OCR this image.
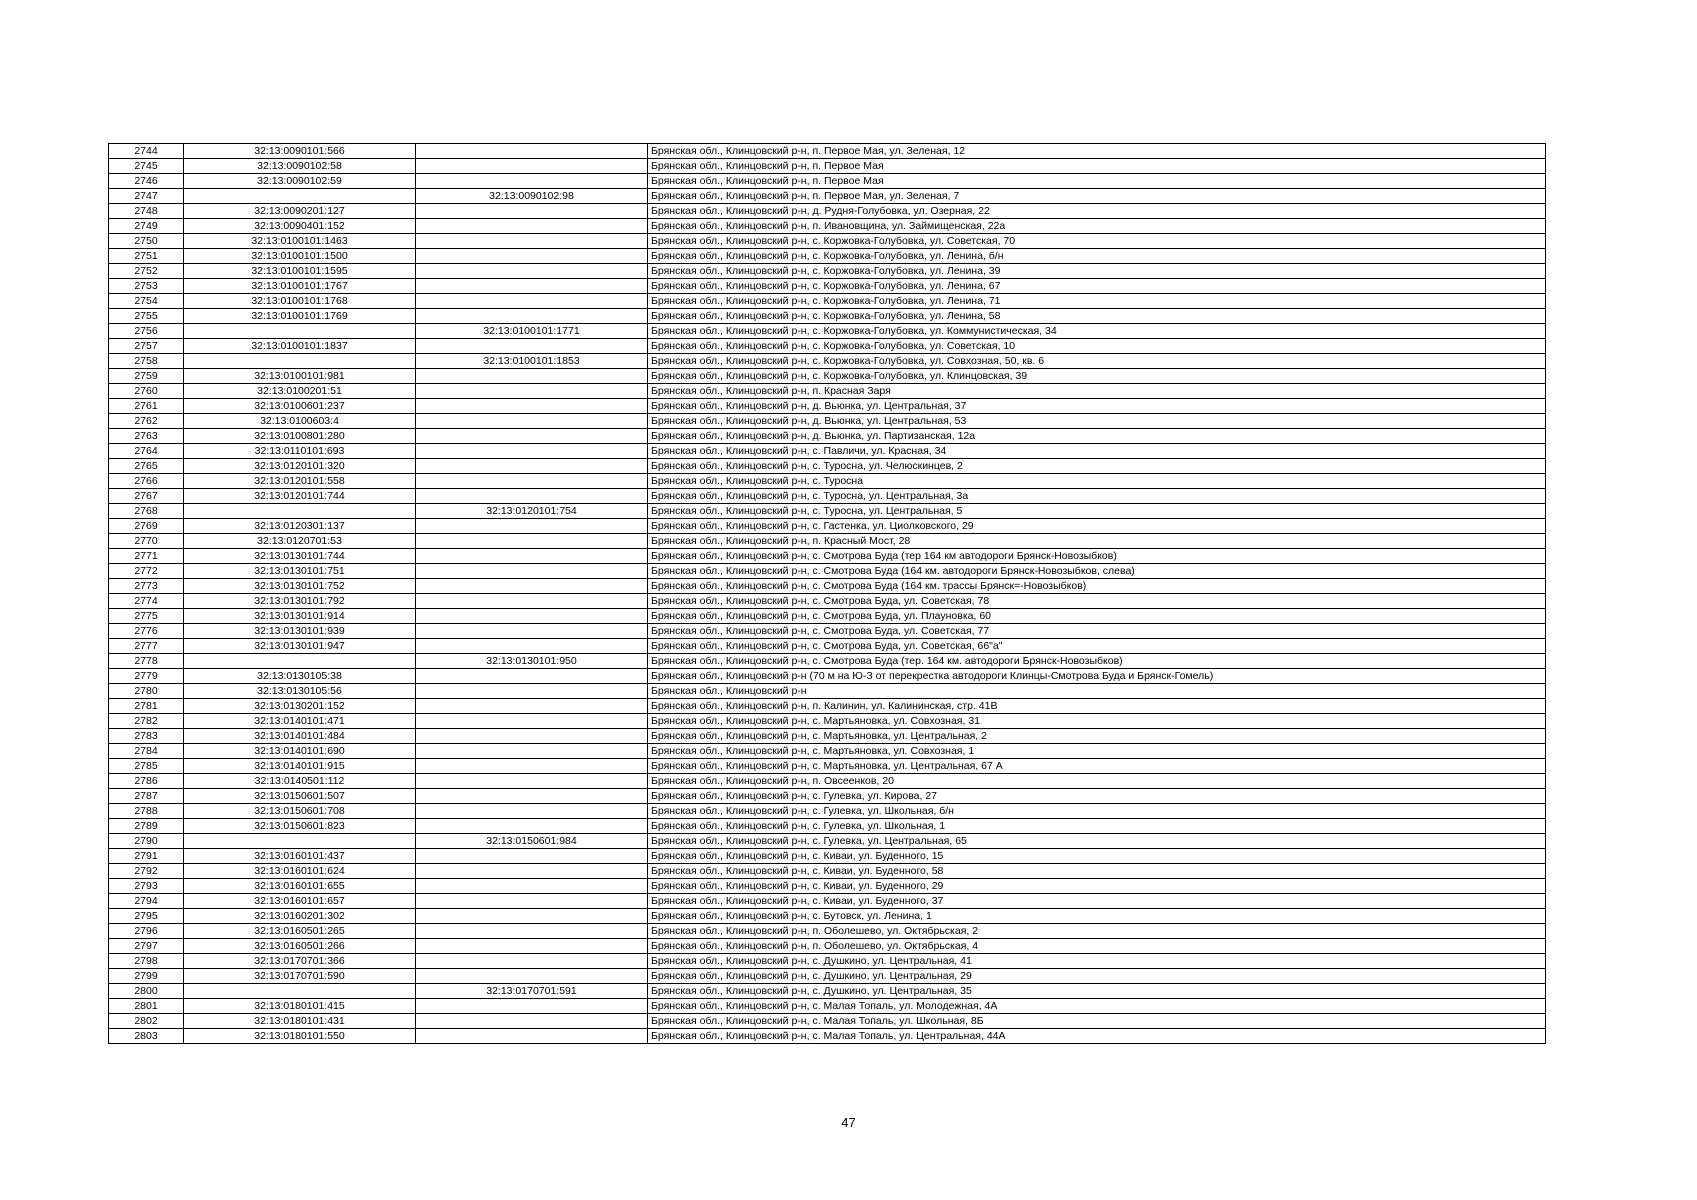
2744	32:13:0090101:566		Брянская обл., Клинцовский р-н, п. Первое Мая, ул. Зеленая, 12
2745	32:13:0090102:58		Брянская обл., Клинцовский р-н, п. Первое Мая
2746	32:13:0090102:59		Брянская обл., Клинцовский р-н, п. Первое Мая
2747		32:13:0090102:98	Брянская обл., Клинцовский р-н, п. Первое Мая, ул. Зеленая, 7
2748	32:13:0090201:127		Брянская обл., Клинцовский р-н, д. Рудня-Голубовка, ул. Озерная, 22
2749	32:13:0090401:152		Брянская обл., Клинцовский р-н, п. Ивановщина, ул. Займищенская, 22а
2750	32:13:0100101:1463		Брянская обл., Клинцовский р-н, с. Коржовка-Голубовка, ул. Советская, 70
2751	32:13:0100101:1500		Брянская обл., Клинцовский р-н, с. Коржовка-Голубовка, ул. Ленина, б/н
2752	32:13:0100101:1595		Брянская обл., Клинцовский р-н, с. Коржовка-Голубовка, ул. Ленина, 39
2753	32:13:0100101:1767		Брянская обл., Клинцовский р-н, с. Коржовка-Голубовка, ул. Ленина, 67
2754	32:13:0100101:1768		Брянская обл., Клинцовский р-н, с. Коржовка-Голубовка, ул. Ленина, 71
2755	32:13:0100101:1769		Брянская обл., Клинцовский р-н, с. Коржовка-Голубовка, ул. Ленина, 58
2756		32:13:0100101:1771	Брянская обл., Клинцовский р-н, с. Коржовка-Голубовка, ул. Коммунистическая, 34
2757	32:13:0100101:1837		Брянская обл., Клинцовский р-н, с. Коржовка-Голубовка, ул. Советская, 10
2758		32:13:0100101:1853	Брянская обл., Клинцовский р-н, с. Коржовка-Голубовка, ул. Совхозная, 50, кв. 6
2759	32:13:0100101:981		Брянская обл., Клинцовский р-н, с. Коржовка-Голубовка, ул. Клинцовская, 39
2760	32:13:0100201:51		Брянская обл., Клинцовский р-н, п. Красная Заря
2761	32:13:0100601:237		Брянская обл., Клинцовский р-н, д. Вьюнка, ул. Центральная, 37
2762	32:13:0100603:4		Брянская обл., Клинцовский р-н, д. Вьюнка, ул. Центральная, 53
2763	32:13:0100801:280		Брянская обл., Клинцовский р-н, д. Вьюнка, ул. Партизанская, 12а
2764	32:13:0110101:693		Брянская обл., Клинцовский р-н, с. Павличи, ул. Красная, 34
2765	32:13:0120101:320		Брянская обл., Клинцовский р-н, с. Туросна, ул. Челюскинцев, 2
2766	32:13:0120101:558		Брянская обл., Клинцовский р-н, с. Туросна
2767	32:13:0120101:744		Брянская обл., Клинцовский р-н, с. Туросна, ул. Центральная, 3а
2768		32:13:0120101:754	Брянская обл., Клинцовский р-н, с. Туросна, ул. Центральная, 5
2769	32:13:0120301:137		Брянская обл., Клинцовский р-н, с. Гастенка, ул. Циолковского, 29
2770	32:13:0120701:53		Брянская обл., Клинцовский р-н, п. Красный Мост, 28
2771	32:13:0130101:744		Брянская обл., Клинцовский р-н, с. Смотрова Буда (тер 164 км автодороги Брянск-Новозыбков)
2772	32:13:0130101:751		Брянская обл., Клинцовский р-н, с. Смотрова Буда (164 км. автодороги Брянск-Новозыбков, слева)
2773	32:13:0130101:752		Брянская обл., Клинцовский р-н, с. Смотрова Буда (164 км. трассы Брянск=-Новозыбков)
2774	32:13:0130101:792		Брянская обл., Клинцовский р-н, с. Смотрова Буда, ул. Советская, 78
2775	32:13:0130101:914		Брянская обл., Клинцовский р-н, с. Смотрова Буда, ул. Плауновка, 60
2776	32:13:0130101:939		Брянская обл., Клинцовский р-н, с. Смотрова Буда, ул. Советская, 77
2777	32:13:0130101:947		Брянская обл., Клинцовский р-н, с. Смотрова Буда, ул. Советская, 66"а"
2778		32:13:0130101:950	Брянская обл., Клинцовский р-н, с. Смотрова Буда (тер. 164 км. автодороги Брянск-Новозыбков)
2779	32:13:0130105:38		Брянская обл., Клинцовский р-н (70 м на Ю-З от перекрестка автодороги Клинцы-Смотрова Буда и Брянск-Гомель)
2780	32:13:0130105:56		Брянская обл., Клинцовский р-н
2781	32:13:0130201:152		Брянская обл., Клинцовский р-н, п. Калинин, ул. Калининская, стр. 41В
2782	32:13:0140101:471		Брянская обл., Клинцовский р-н, с. Мартьяновка, ул. Совхозная, 31
2783	32:13:0140101:484		Брянская обл., Клинцовский р-н, с. Мартьяновка, ул. Центральная, 2
2784	32:13:0140101:690		Брянская обл., Клинцовский р-н, с. Мартьяновка, ул. Совхозная, 1
2785	32:13:0140101:915		Брянская обл., Клинцовский р-н, с. Мартьяновка, ул. Центральная, 67 А
2786	32:13:0140501:112		Брянская обл., Клинцовский р-н, п. Овсеенков, 20
2787	32:13:0150601:507		Брянская обл., Клинцовский р-н, с. Гулевка, ул. Кирова, 27
2788	32:13:0150601:708		Брянская обл., Клинцовский р-н, с. Гулевка, ул. Школьная, б/н
2789	32:13:0150601:823		Брянская обл., Клинцовский р-н, с. Гулевка, ул. Школьная, 1
2790		32:13:0150601:984	Брянская обл., Клинцовский р-н, с. Гулевка, ул. Центральная, 65
2791	32:13:0160101:437		Брянская обл., Клинцовский р-н, с. Киваи, ул. Буденного, 15
2792	32:13:0160101:624		Брянская обл., Клинцовский р-н, с. Киваи, ул. Буденного, 58
2793	32:13:0160101:655		Брянская обл., Клинцовский р-н, с. Киваи, ул. Буденного, 29
2794	32:13:0160101:657		Брянская обл., Клинцовский р-н, с. Киваи, ул. Буденного, 37
2795	32:13:0160201:302		Брянская обл., Клинцовский р-н, с. Бутовск, ул. Ленина, 1
2796	32:13:0160501:265		Брянская обл., Клинцовский р-н, п. Оболешево, ул. Октябрьская, 2
2797	32:13:0160501:266		Брянская обл., Клинцовский р-н, п. Оболешево, ул. Октябрьская, 4
2798	32:13:0170701:366		Брянская обл., Клинцовский р-н, с. Душкино, ул. Центральная, 41
2799	32:13:0170701:590		Брянская обл., Клинцовский р-н, с. Душкино, ул. Центральная, 29
2800		32:13:0170701:591	Брянская обл., Клинцовский р-н, с. Душкино, ул. Центральная, 35
2801	32:13:0180101:415		Брянская обл., Клинцовский р-н, с. Малая Топаль, ул. Молодежная, 4А
2802	32:13:0180101:431		Брянская обл., Клинцовский р-н, с. Малая Топаль, ул. Школьная, 8Б
2803	32:13:0180101:550		Брянская обл., Клинцовский р-н, с. Малая Топаль, ул. Центральная, 44А
47
